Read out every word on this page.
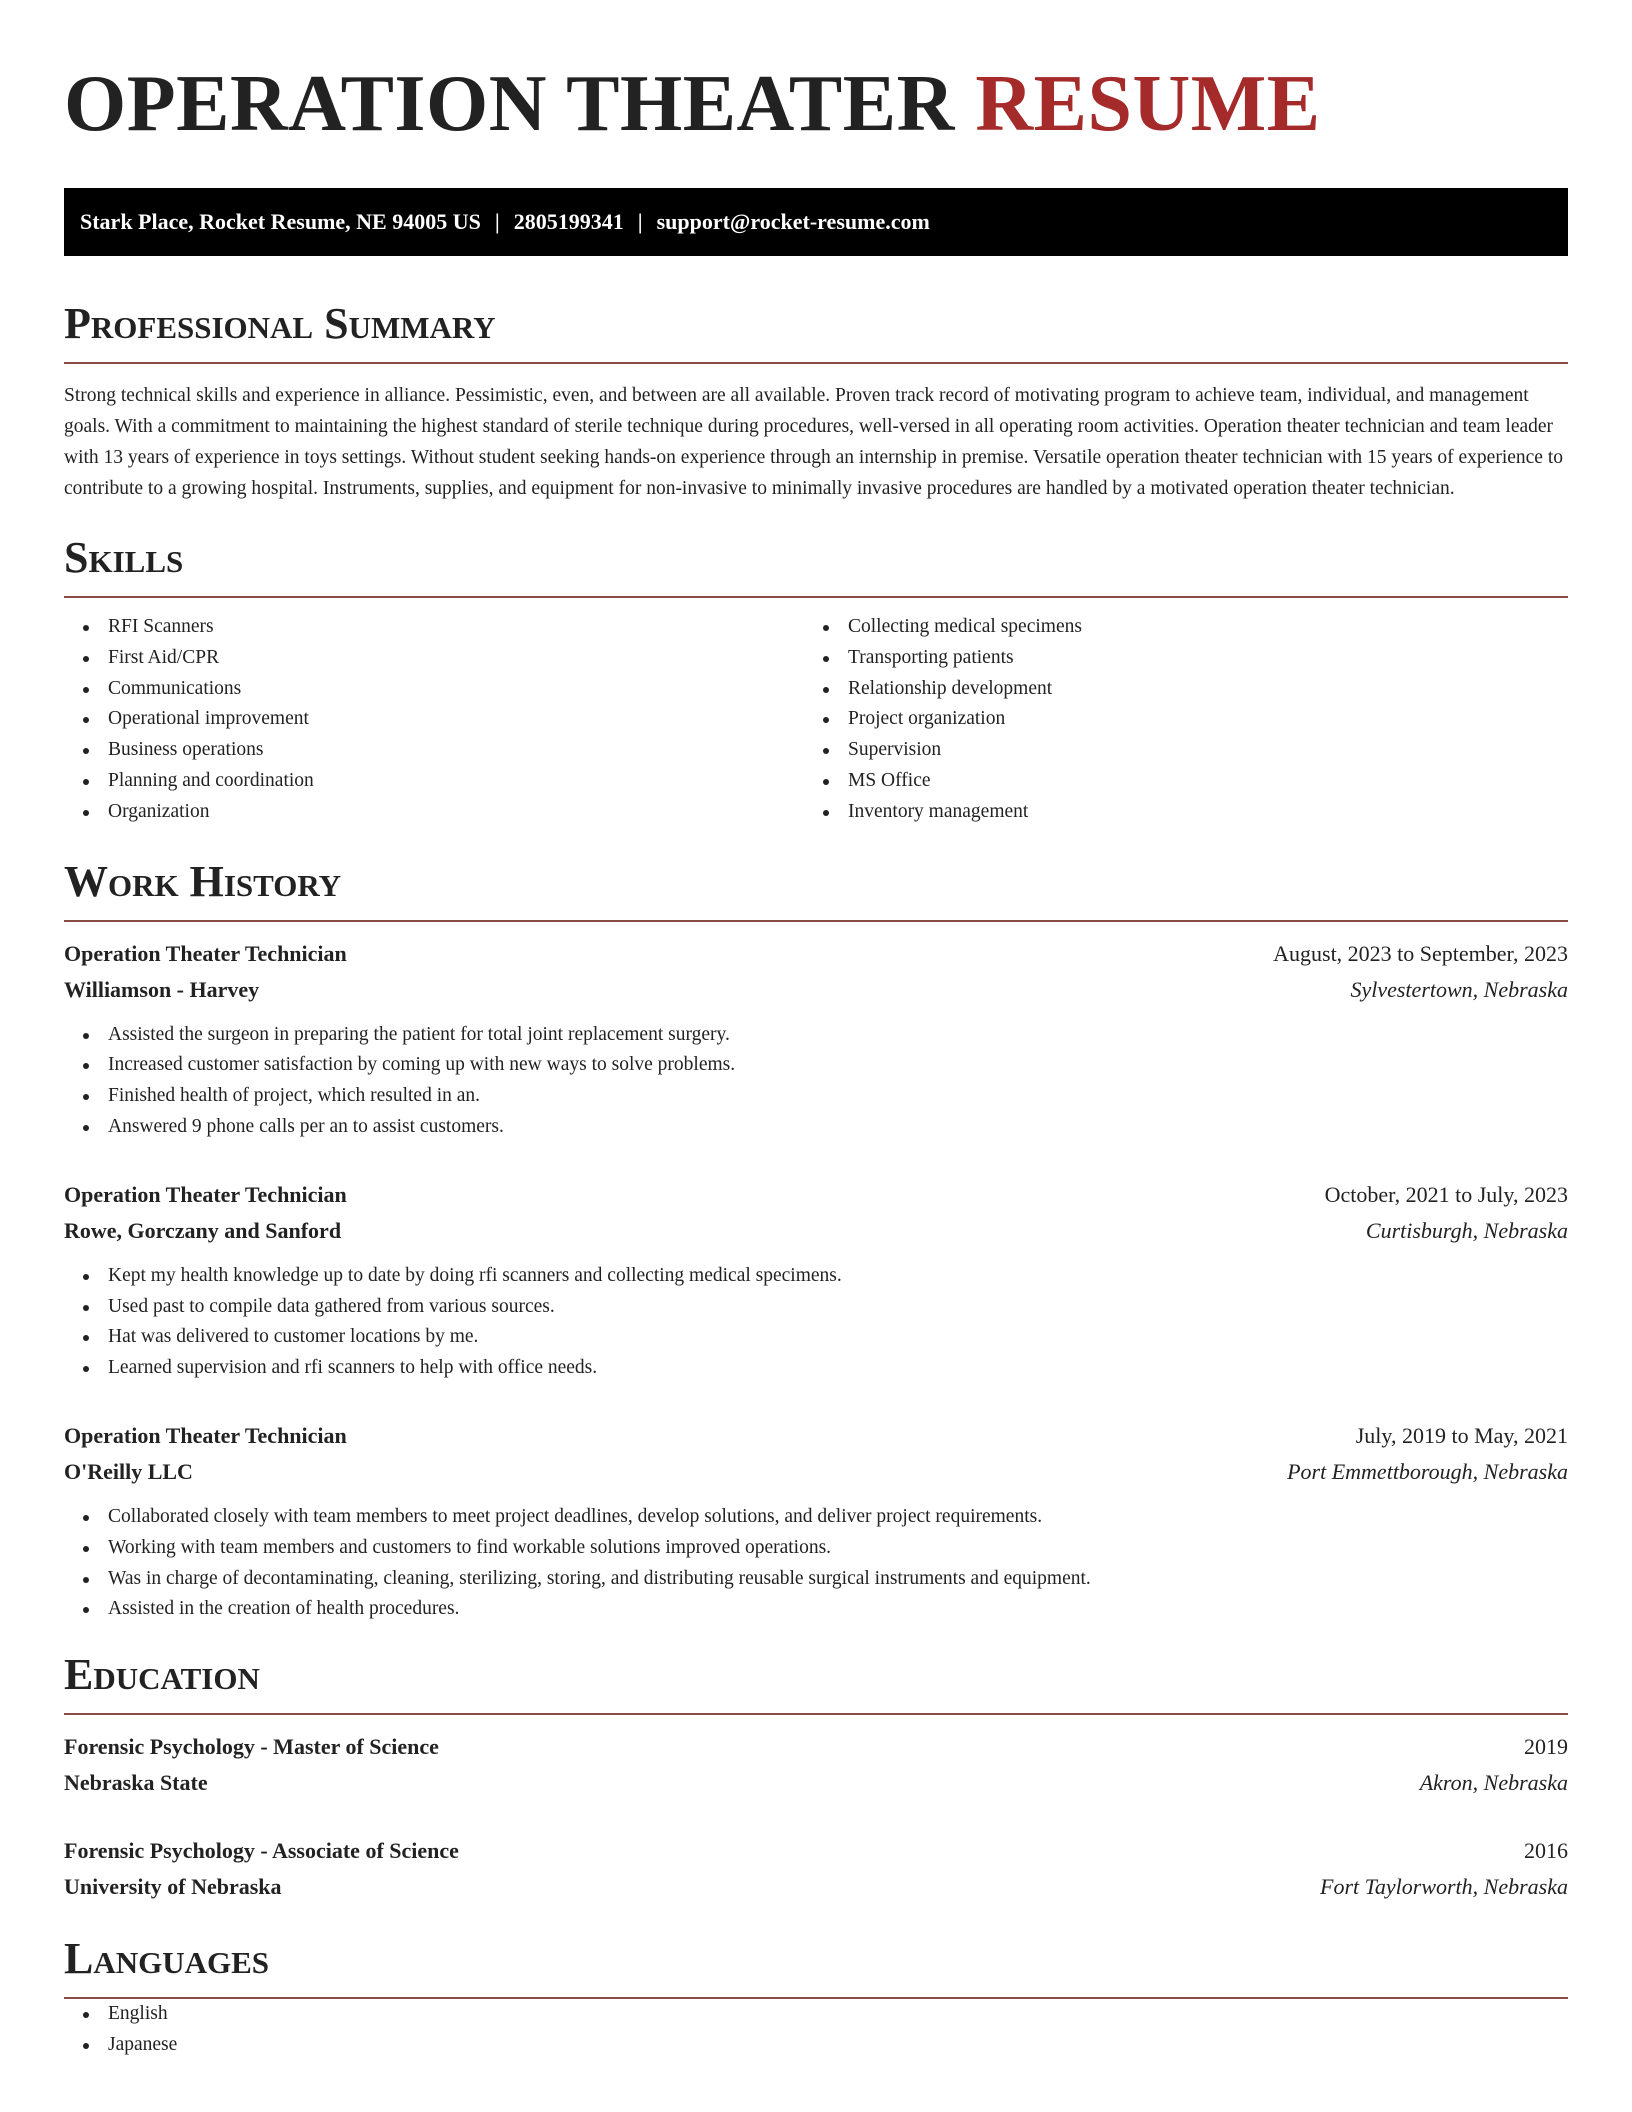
OPERATION THEATER RESUME
Stark Place, Rocket Resume, NE 94005 US | 2805199341 | support@rocket-resume.com
Professional Summary

Strong technical skills and experience in alliance. Pessimistic, even, and between are all available. Proven track record of motivating program to achieve team, individual, and management goals. With a commitment to maintaining the highest standard of sterile technique during procedures, well-versed in all operating room activities. Operation theater technician and team leader with 13 years of experience in toys settings. Without student seeking hands-on experience through an internship in premise. Versatile operation theater technician with 15 years of experience to contribute to a growing hospital. Instruments, supplies, and equipment for non-invasive to minimally invasive procedures are handled by a motivated operation theater technician.

Skills
RFI Scanners
First Aid/CPR
Communications
Operational improvement
Business operations
Planning and coordination
Organization
Collecting medical specimens
Transporting patients
Relationship development
Project organization
Supervision
MS Office
Inventory management
Work History
Operation Theater Technician	August, 2023 to September, 2023
Williamson - Harvey	Sylvestertown, Nebraska
Assisted the surgeon in preparing the patient for total joint replacement surgery.
Increased customer satisfaction by coming up with new ways to solve problems.
Finished health of project, which resulted in an.
Answered 9 phone calls per an to assist customers.
Operation Theater Technician	October, 2021 to July, 2023
Rowe, Gorczany and Sanford	Curtisburgh, Nebraska
Kept my health knowledge up to date by doing rfi scanners and collecting medical specimens.
Used past to compile data gathered from various sources.
Hat was delivered to customer locations by me.
Learned supervision and rfi scanners to help with office needs.
Operation Theater Technician	July, 2019 to May, 2021
O'Reilly LLC	Port Emmettborough, Nebraska
Collaborated closely with team members to meet project deadlines, develop solutions, and deliver project requirements.
Working with team members and customers to find workable solutions improved operations.
Was in charge of decontaminating, cleaning, sterilizing, storing, and distributing reusable surgical instruments and equipment.
Assisted in the creation of health procedures.
Education
Forensic Psychology - Master of Science	2019
Nebraska State	Akron, Nebraska
Forensic Psychology - Associate of Science	2016
University of Nebraska	Fort Taylorworth, Nebraska
Languages
English
Japanese
